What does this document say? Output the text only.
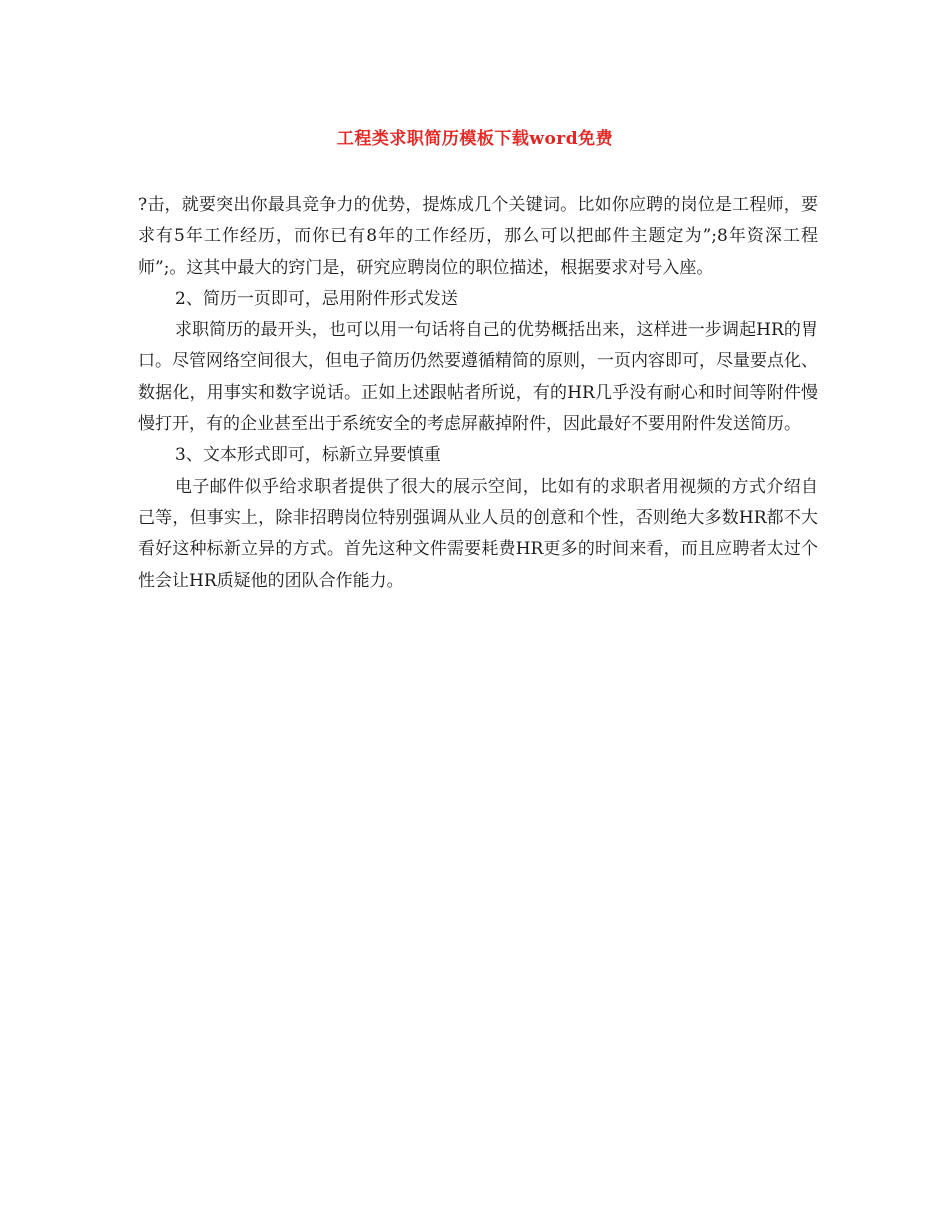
工程类求职简历模板下载word免费

?击，就要突出你最具竞争力的优势，提炼成几个关键词。比如你应聘的岗位是工程师，要求有5年工作经历，而你已有8年的工作经历，那么可以把邮件主题定为”;8年资深工程师”;。这其中最大的窍门是，研究应聘岗位的职位描述，根据要求对号入座。

2、简历一页即可，忌用附件形式发送

求职简历的最开头，也可以用一句话将自己的优势概括出来，这样进一步调起HR的胃口。尽管网络空间很大，但电子简历仍然要遵循精简的原则，一页内容即可，尽量要点化、数据化，用事实和数字说话。正如上述跟帖者所说，有的HR几乎没有耐心和时间等附件慢慢打开，有的企业甚至出于系统安全的考虑屏蔽掉附件，因此最好不要用附件发送简历。

3、文本形式即可，标新立异要慎重

电子邮件似乎给求职者提供了很大的展示空间，比如有的求职者用视频的方式介绍自己等，但事实上，除非招聘岗位特别强调从业人员的创意和个性，否则绝大多数HR都不大看好这种标新立异的方式。首先这种文件需要耗费HR更多的时间来看，而且应聘者太过个性会让HR质疑他的团队合作能力。
